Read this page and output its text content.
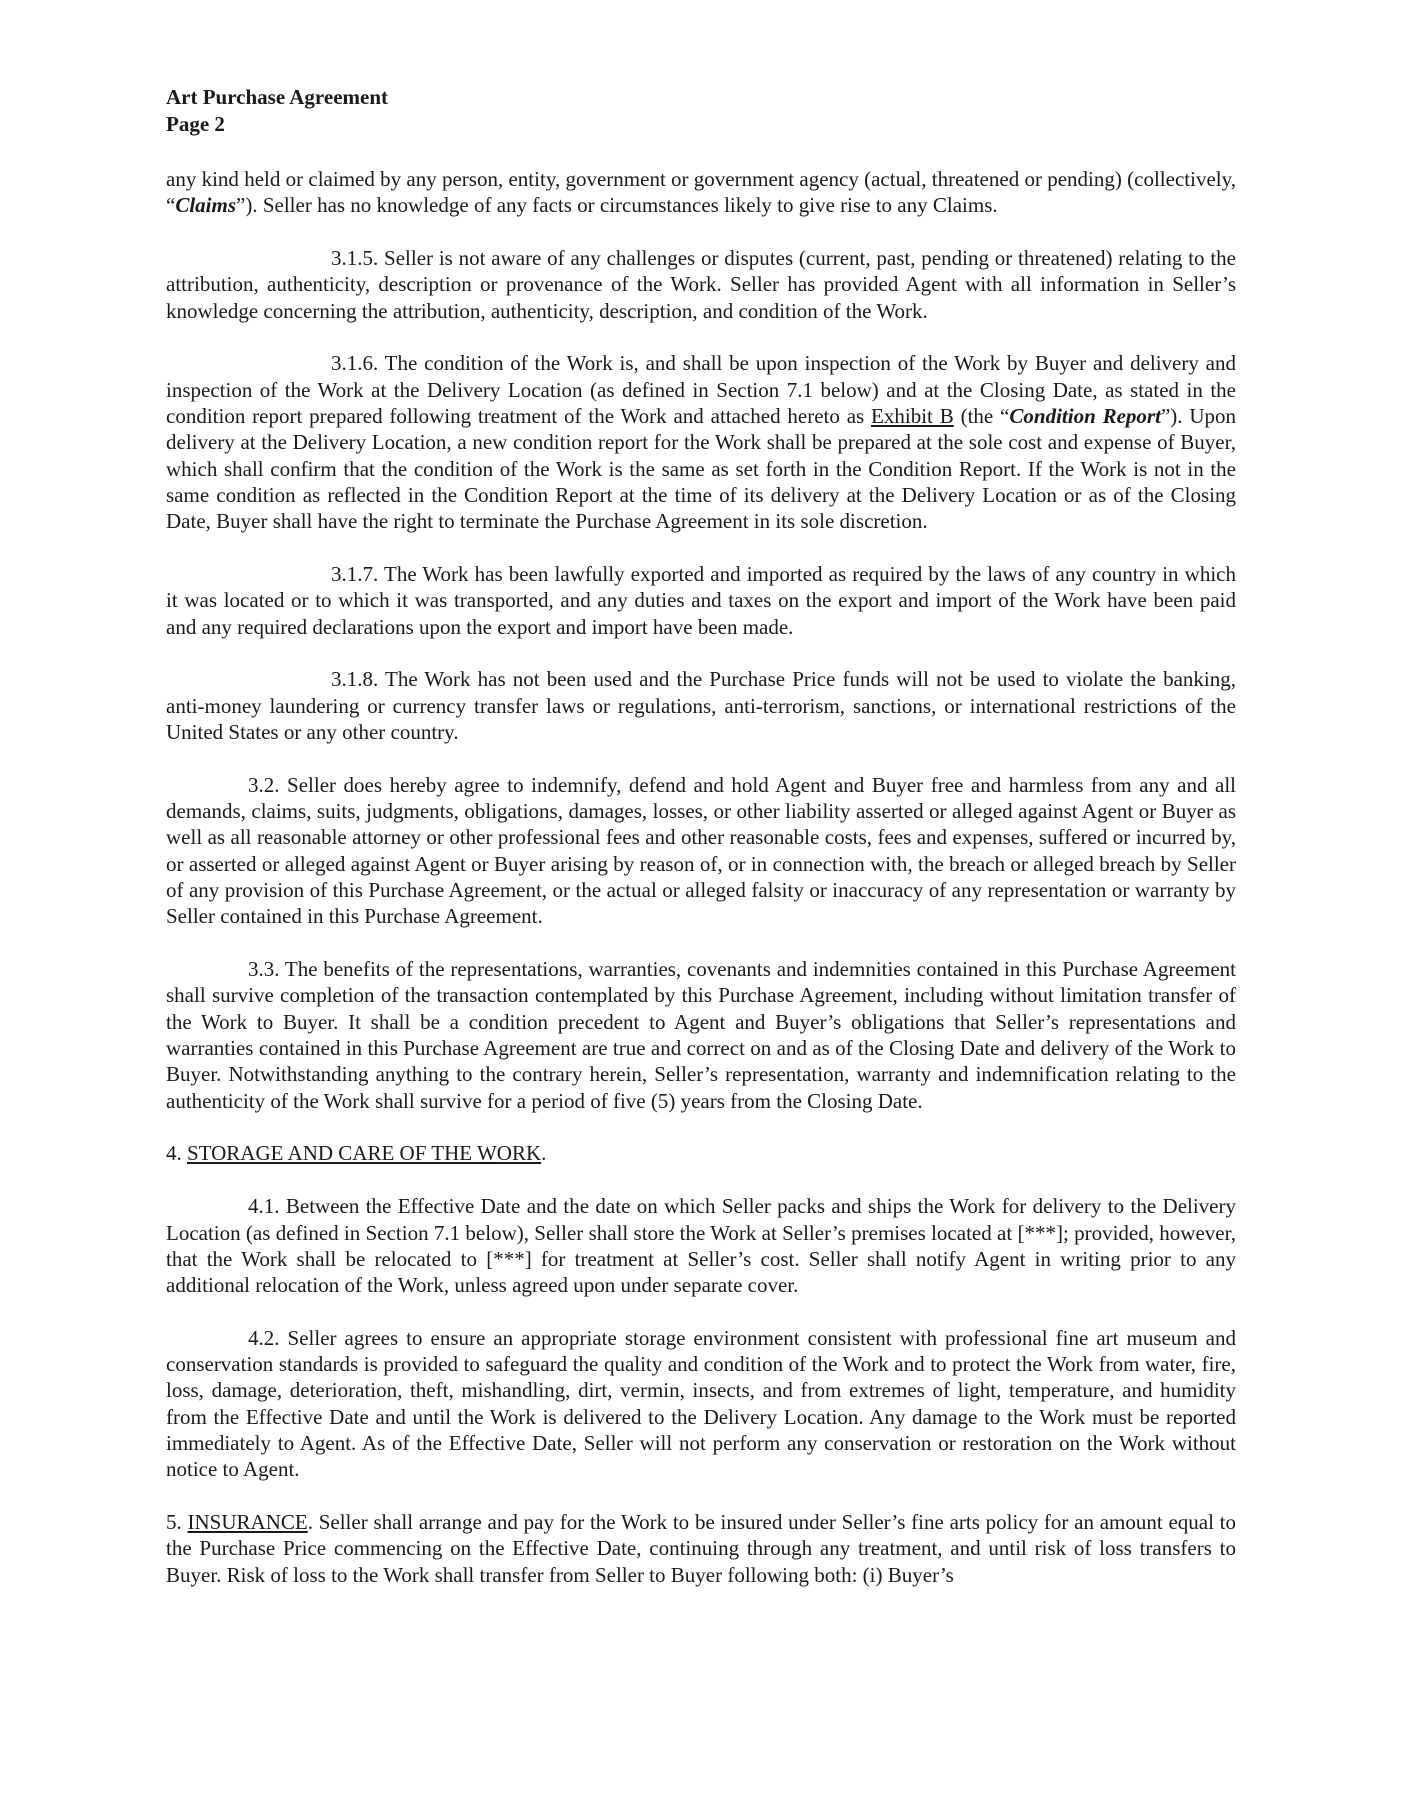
Art Purchase Agreement
Page 2

any kind held or claimed by any person, entity, government or government agency (actual, threatened or pending) (collectively, “Claims”). Seller has no knowledge of any facts or circumstances likely to give rise to any Claims.

3.1.5. Seller is not aware of any challenges or disputes (current, past, pending or threatened) relating to the attribution, authenticity, description or provenance of the Work. Seller has provided Agent with all information in Seller’s knowledge concerning the attribution, authenticity, description, and condition of the Work.

3.1.6. The condition of the Work is, and shall be upon inspection of the Work by Buyer and delivery and inspection of the Work at the Delivery Location (as defined in Section 7.1 below) and at the Closing Date, as stated in the condition report prepared following treatment of the Work and attached hereto as Exhibit B (the “Condition Report”). Upon delivery at the Delivery Location, a new condition report for the Work shall be prepared at the sole cost and expense of Buyer, which shall confirm that the condition of the Work is the same as set forth in the Condition Report. If the Work is not in the same condition as reflected in the Condition Report at the time of its delivery at the Delivery Location or as of the Closing Date, Buyer shall have the right to terminate the Purchase Agreement in its sole discretion.

3.1.7. The Work has been lawfully exported and imported as required by the laws of any country in which it was located or to which it was transported, and any duties and taxes on the export and import of the Work have been paid and any required declarations upon the export and import have been made.

3.1.8. The Work has not been used and the Purchase Price funds will not be used to violate the banking, anti-money laundering or currency transfer laws or regulations, anti-terrorism, sanctions, or international restrictions of the United States or any other country.

3.2. Seller does hereby agree to indemnify, defend and hold Agent and Buyer free and harmless from any and all demands, claims, suits, judgments, obligations, damages, losses, or other liability asserted or alleged against Agent or Buyer as well as all reasonable attorney or other professional fees and other reasonable costs, fees and expenses, suffered or incurred by, or asserted or alleged against Agent or Buyer arising by reason of, or in connection with, the breach or alleged breach by Seller of any provision of this Purchase Agreement, or the actual or alleged falsity or inaccuracy of any representation or warranty by Seller contained in this Purchase Agreement.

3.3. The benefits of the representations, warranties, covenants and indemnities contained in this Purchase Agreement shall survive completion of the transaction contemplated by this Purchase Agreement, including without limitation transfer of the Work to Buyer. It shall be a condition precedent to Agent and Buyer’s obligations that Seller’s representations and warranties contained in this Purchase Agreement are true and correct on and as of the Closing Date and delivery of the Work to Buyer. Notwithstanding anything to the contrary herein, Seller’s representation, warranty and indemnification relating to the authenticity of the Work shall survive for a period of five (5) years from the Closing Date.

4. STORAGE AND CARE OF THE WORK.

4.1. Between the Effective Date and the date on which Seller packs and ships the Work for delivery to the Delivery Location (as defined in Section 7.1 below), Seller shall store the Work at Seller’s premises located at [***]; provided, however, that the Work shall be relocated to [***] for treatment at Seller’s cost. Seller shall notify Agent in writing prior to any additional relocation of the Work, unless agreed upon under separate cover.

4.2. Seller agrees to ensure an appropriate storage environment consistent with professional fine art museum and conservation standards is provided to safeguard the quality and condition of the Work and to protect the Work from water, fire, loss, damage, deterioration, theft, mishandling, dirt, vermin, insects, and from extremes of light, temperature, and humidity from the Effective Date and until the Work is delivered to the Delivery Location. Any damage to the Work must be reported immediately to Agent. As of the Effective Date, Seller will not perform any conservation or restoration on the Work without notice to Agent.

5. INSURANCE. Seller shall arrange and pay for the Work to be insured under Seller’s fine arts policy for an amount equal to the Purchase Price commencing on the Effective Date, continuing through any treatment, and until risk of loss transfers to Buyer. Risk of loss to the Work shall transfer from Seller to Buyer following both: (i) Buyer’s
